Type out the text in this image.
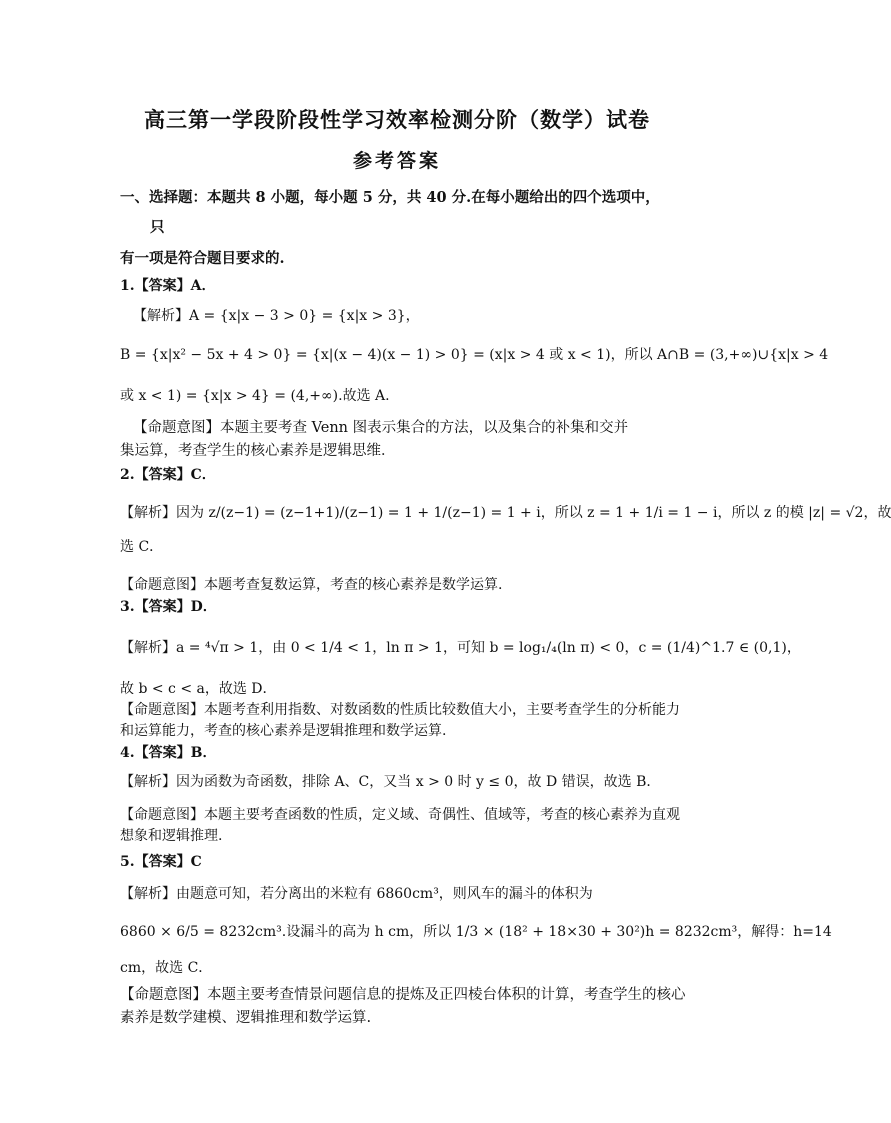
高三第一学段阶段性学习效率检测分阶（数学）试卷
参考答案
一、选择题：本题共 8 小题，每小题 5 分，共 40 分.在每小题给出的四个选项中，
只
有一项是符合题目要求的.
1.【答案】A．
【解析】A = {x|x − 3 > 0} = {x|x > 3}，
B = {x|x² − 5x + 4 > 0} = {x|(x − 4)(x − 1) > 0} = (x|x > 4 或 x < 1)，所以 A∩B = (3,+∞)∪{x|x > 4
或 x < 1) = {x|x > 4} = (4,+∞).故选 A.
【命题意图】本题主要考查 Venn 图表示集合的方法，以及集合的补集和交并
集运算，考查学生的核心素养是逻辑思维．
2.【答案】C．
【解析】因为 z/(z−1) = (z−1+1)/(z−1) = 1 + 1/(z−1) = 1 + i，所以 z = 1 + 1/i = 1 − i，所以 z 的模 |z| = √2，故
选 C．
【命题意图】本题考查复数运算，考查的核心素养是数学运算.
3.【答案】D．
【解析】a = ⁴√π > 1，由 0 < 1/4 < 1，ln π > 1，可知 b = log₁/₄(ln π) < 0，c = (1/4)^1.7 ∈ (0,1)，
故 b < c < a，故选 D．
【命题意图】本题考查利用指数、对数函数的性质比较数值大小，主要考查学生的分析能力
和运算能力，考查的核心素养是逻辑推理和数学运算.
4.【答案】B．
【解析】因为函数为奇函数，排除 A、C，又当 x > 0 时 y ≤ 0，故 D 错误，故选 B．
【命题意图】本题主要考查函数的性质，定义域、奇偶性、值域等，考查的核心素养为直观
想象和逻辑推理.
5.【答案】C
【解析】由题意可知，若分离出的米粒有 6860cm³，则风车的漏斗的体积为
6860 × 6/5 = 8232cm³.设漏斗的高为 h cm，所以 1/3 × (18² + 18×30 + 30²)h = 8232cm³，解得：h=14
cm，故选 C．
【命题意图】本题主要考查情景问题信息的提炼及正四棱台体积的计算，考查学生的核心
素养是数学建模、逻辑推理和数学运算.
